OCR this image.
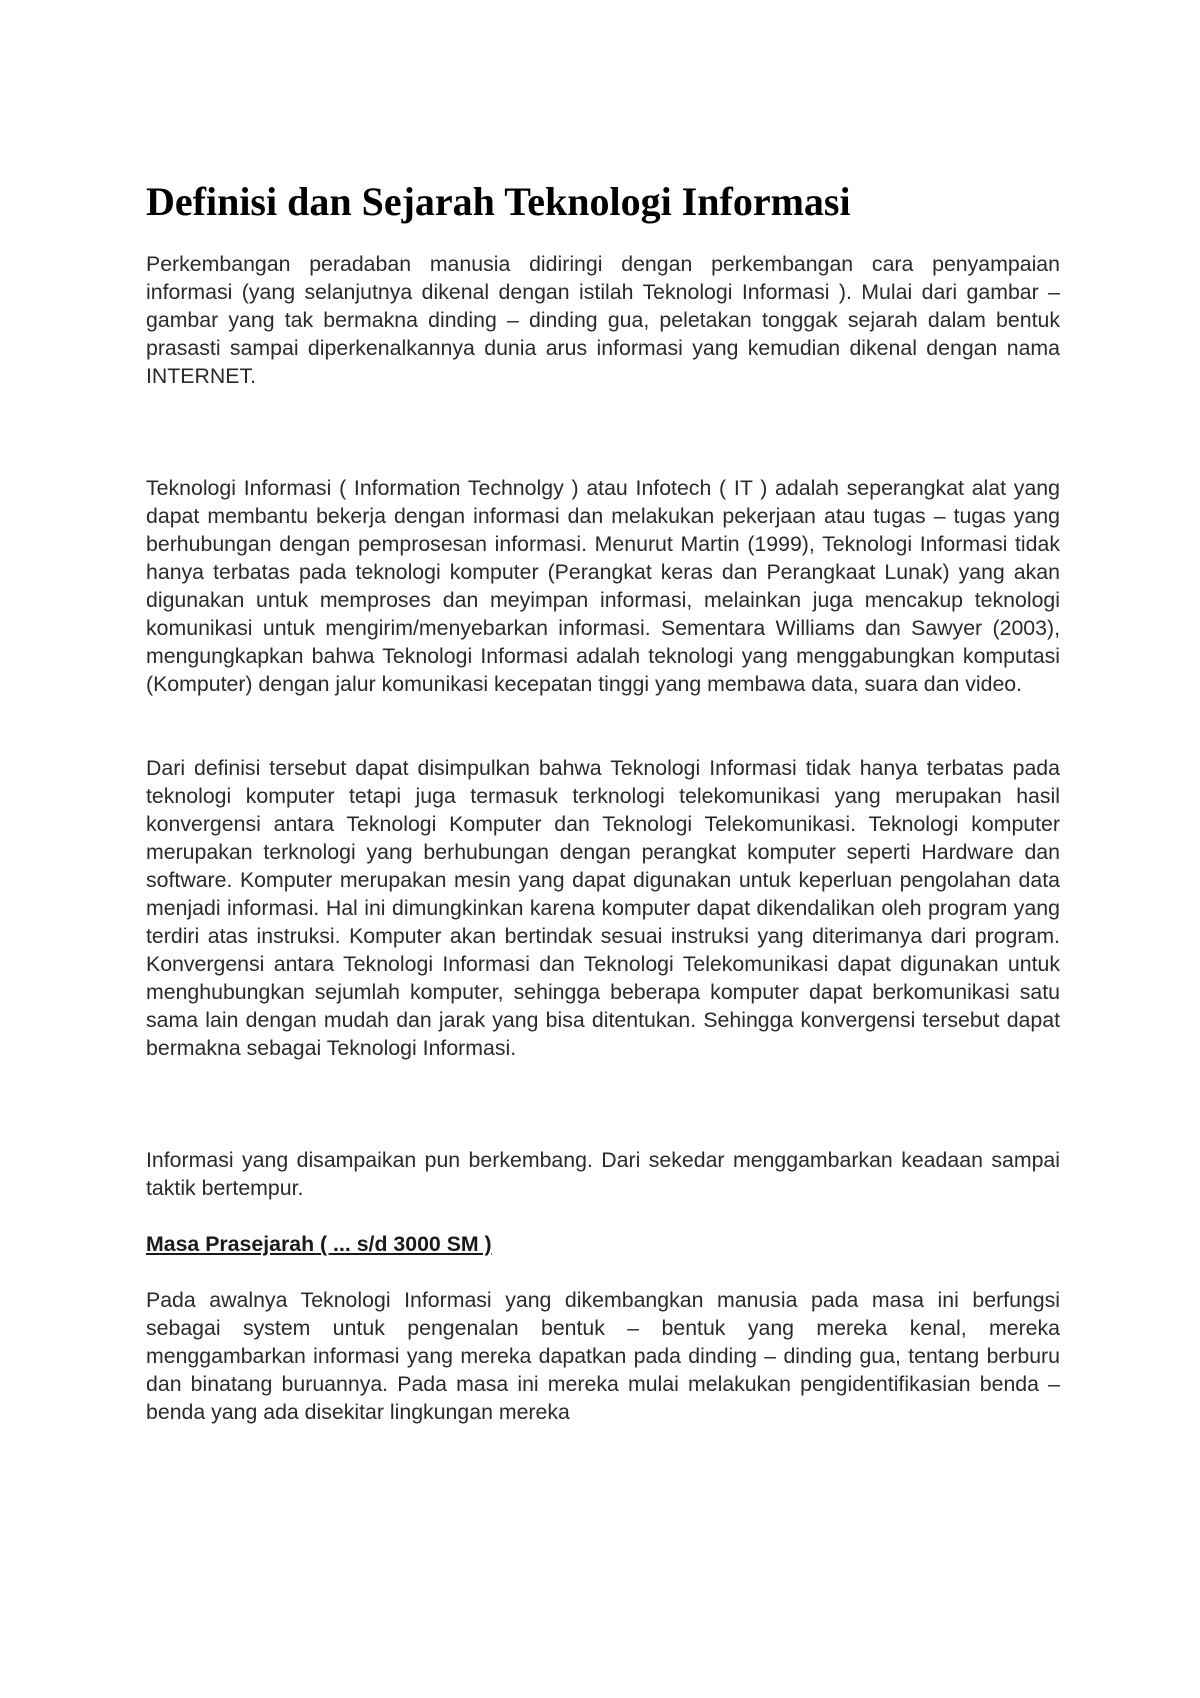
Definisi dan Sejarah Teknologi Informasi

Perkembangan peradaban manusia didiringi dengan perkembangan cara penyampaian informasi (yang selanjutnya dikenal dengan istilah Teknologi Informasi ). Mulai dari gambar – gambar yang tak bermakna dinding – dinding gua, peletakan tonggak sejarah dalam bentuk prasasti sampai diperkenalkannya dunia arus informasi yang kemudian dikenal dengan nama INTERNET.

Teknologi Informasi ( Information Technolgy ) atau Infotech ( IT ) adalah seperangkat alat yang dapat membantu bekerja dengan informasi dan melakukan pekerjaan atau tugas – tugas yang berhubungan dengan pemprosesan informasi. Menurut Martin (1999), Teknologi Informasi tidak hanya terbatas pada teknologi komputer (Perangkat keras dan Perangkaat Lunak) yang akan digunakan untuk memproses dan meyimpan informasi, melainkan juga mencakup teknologi komunikasi untuk mengirim/menyebarkan informasi. Sementara Williams dan Sawyer (2003), mengungkapkan bahwa Teknologi Informasi adalah teknologi yang menggabungkan komputasi (Komputer) dengan jalur komunikasi kecepatan tinggi yang membawa data, suara dan video.

Dari definisi tersebut dapat disimpulkan bahwa Teknologi Informasi tidak hanya terbatas pada teknologi komputer tetapi juga termasuk terknologi telekomunikasi yang merupakan hasil konvergensi antara Teknologi Komputer dan Teknologi Telekomunikasi. Teknologi komputer merupakan terknologi yang berhubungan dengan perangkat komputer seperti Hardware dan software. Komputer merupakan mesin yang dapat digunakan untuk keperluan pengolahan data menjadi informasi. Hal ini dimungkinkan karena komputer dapat dikendalikan oleh program yang terdiri atas instruksi. Komputer akan bertindak sesuai instruksi yang diterimanya dari program. Konvergensi antara Teknologi Informasi dan Teknologi Telekomunikasi dapat digunakan untuk menghubungkan sejumlah komputer, sehingga beberapa komputer dapat berkomunikasi satu sama lain dengan mudah dan jarak yang bisa ditentukan. Sehingga konvergensi tersebut dapat bermakna sebagai Teknologi Informasi.

Informasi yang disampaikan pun berkembang. Dari sekedar menggambarkan keadaan sampai taktik bertempur.

Masa Prasejarah ( ... s/d 3000 SM )

Pada awalnya Teknologi Informasi yang dikembangkan manusia pada masa ini berfungsi sebagai system untuk pengenalan bentuk – bentuk yang mereka kenal, mereka menggambarkan informasi yang mereka dapatkan pada dinding – dinding gua, tentang berburu dan binatang buruannya. Pada masa ini mereka mulai melakukan pengidentifikasian benda – benda yang ada disekitar lingkungan mereka
